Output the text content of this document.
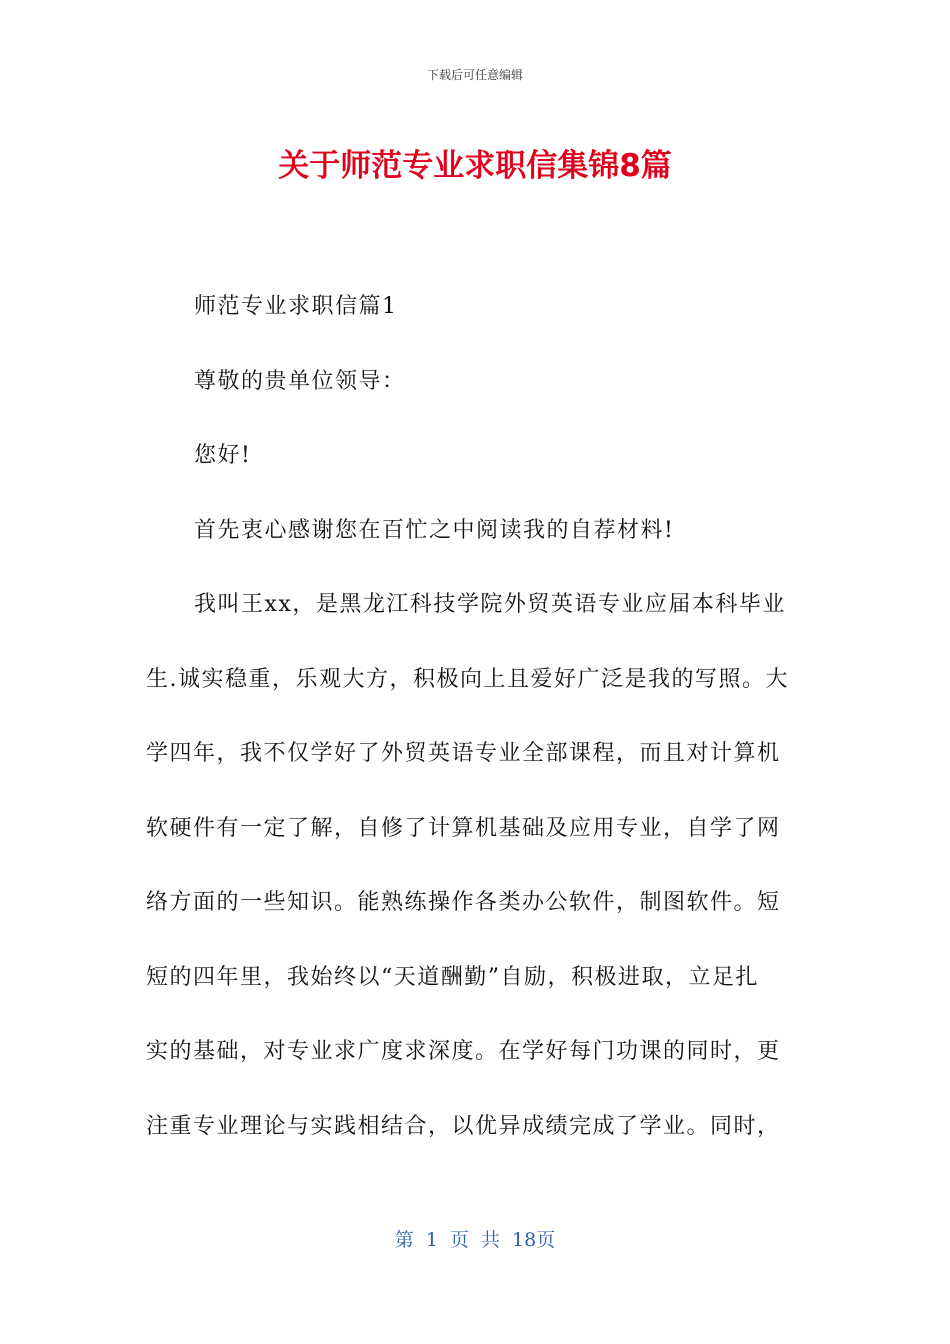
下载后可任意编辑
关于师范专业求职信集锦8篇

师范专业求职信篇1

尊敬的贵单位领导：

您好!

首先衷心感谢您在百忙之中阅读我的自荐材料!

我叫王xx，是黑龙江科技学院外贸英语专业应届本科毕业

生.诚实稳重，乐观大方，积极向上且爱好广泛是我的写照。大

学四年，我不仅学好了外贸英语专业全部课程，而且对计算机

软硬件有一定了解，自修了计算机基础及应用专业，自学了网

络方面的一些知识。能熟练操作各类办公软件，制图软件。短

短的四年里，我始终以“天道酬勤”自励，积极进取，立足扎

实的基础，对专业求广度求深度。在学好每门功课的同时，更

注重专业理论与实践相结合，以优异成绩完成了学业。同时，

第 1 页 共 18页
